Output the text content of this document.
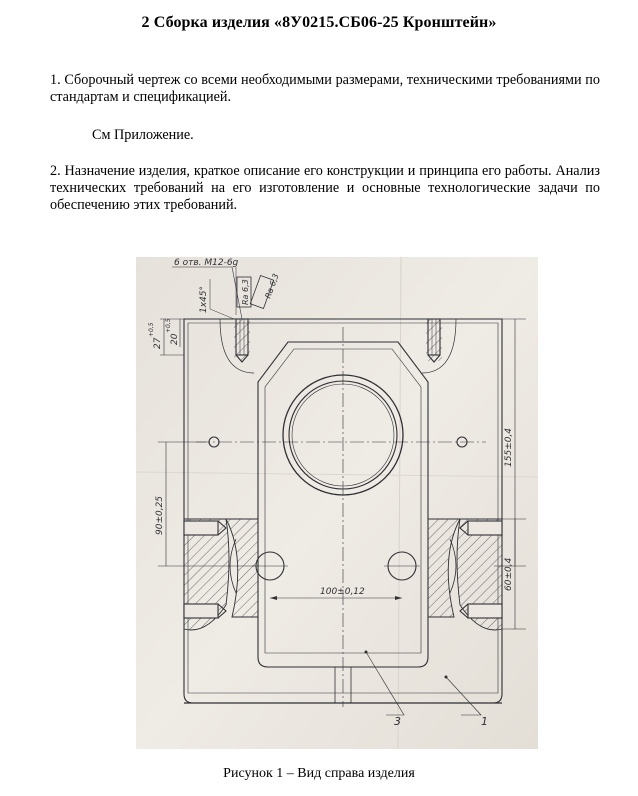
2 Сборка изделия «8У0215.СБ06-25 Кронштейн»
1. Сборочный чертеж со всеми необходимыми размерами, техническими требованиями по стандартам и спецификацией.
См Приложение.
2. Назначение изделия, краткое описание его конструкции и принципа его работы. Анализ технических требований на его изготовление и основные технологические задачи по обеспечению этих требований.
6 отв. М12-6g
1х45°	Rа 6,3 Rа 6,3
27
+0,5
20
+0,5
90±0,25
155±0,4
60±0,4
100±0,12
3	1
Рисунок 1 – Вид справа изделия
